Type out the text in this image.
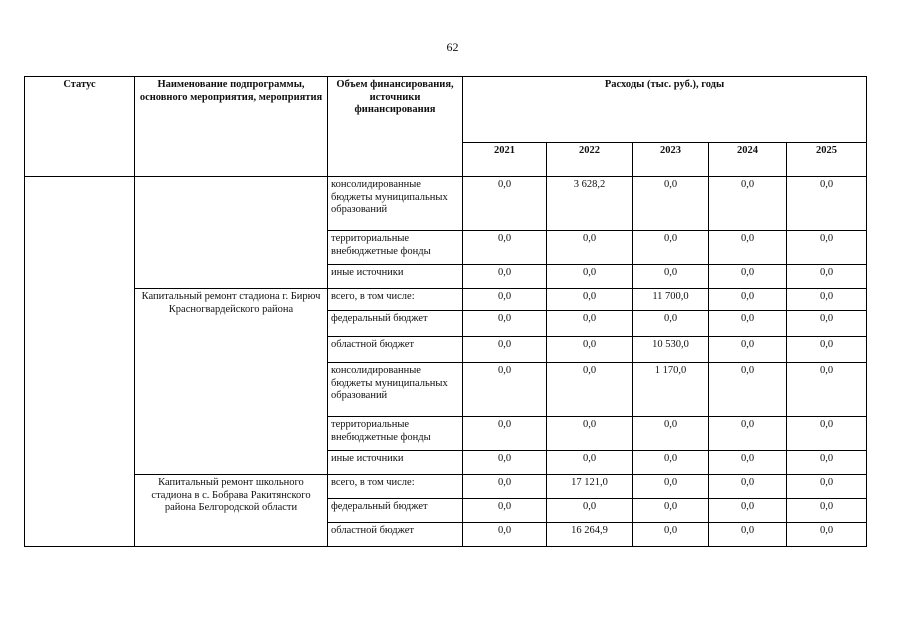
62
Статус	Наименование подпрограммы, основного мероприятия, мероприятия	Объем финансирования, источники финансирования	Расходы (тыс. руб.), годы				
			2021	2022	2023	2024	2025
		консолидированные бюджеты муниципальных образований	0,0	3 628,2	0,0	0,0	0,0
		территориальные внебюджетные фонды	0,0	0,0	0,0	0,0	0,0
		иные источники	0,0	0,0	0,0	0,0	0,0
	Капитальный ремонт стадиона г. Бирюч Красногвардейского района	всего, в том числе:	0,0	0,0	11 700,0	0,0	0,0
		федеральный бюджет	0,0	0,0	0,0	0,0	0,0
		областной бюджет	0,0	0,0	10 530,0	0,0	0,0
		консолидированные бюджеты муниципальных образований	0,0	0,0	1 170,0	0,0	0,0
		территориальные внебюджетные фонды	0,0	0,0	0,0	0,0	0,0
		иные источники	0,0	0,0	0,0	0,0	0,0
	Капитальный ремонт школьного стадиона в с. Бобрава Ракитянского района Белгородской области	всего, в том числе:	0,0	17 121,0	0,0	0,0	0,0
		федеральный бюджет	0,0	0,0	0,0	0,0	0,0
		областной бюджет	0,0	16 264,9	0,0	0,0	0,0
